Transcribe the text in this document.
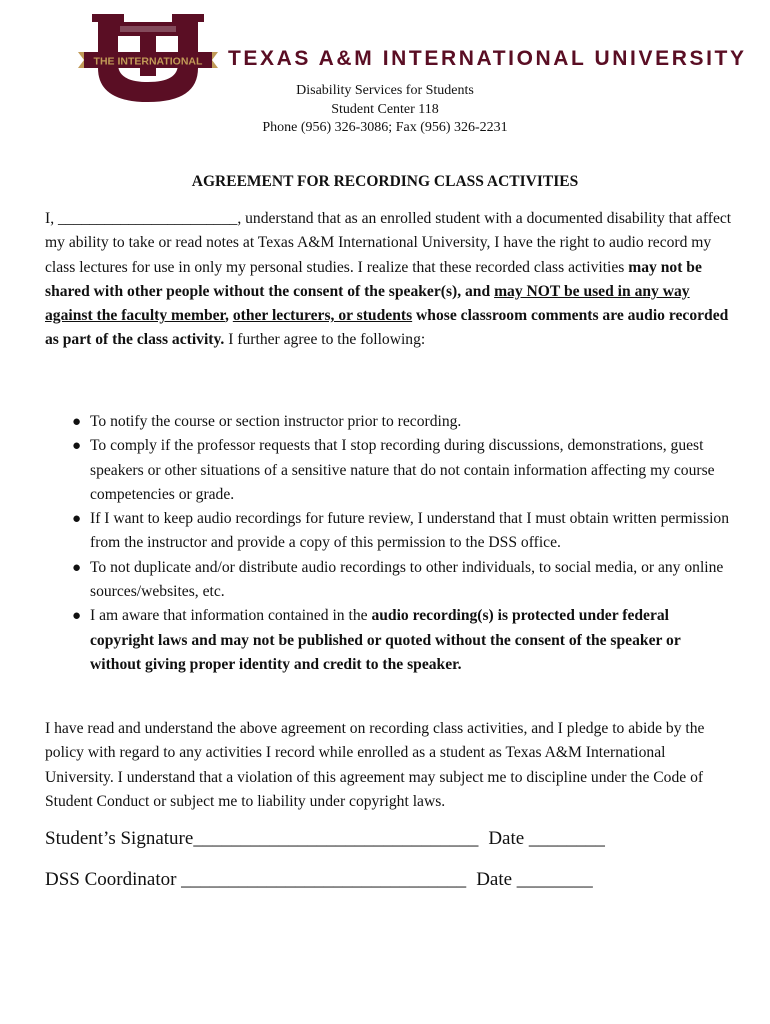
THE INTERNATIONAL TEXAS A&M INTERNATIONAL UNIVERSITY
Disability Services for Students
Student Center 118
Phone (956) 326-3086; Fax (956) 326-2231
AGREEMENT FOR RECORDING CLASS ACTIVITIES

I, _______________________, understand that as an enrolled student with a documented disability that affect my ability to take or read notes at Texas A&M International University, I have the right to audio record my class lectures for use in only my personal studies. I realize that these recorded class activities may not be shared with other people without the consent of the speaker(s), and may NOT be used in any way against the faculty member, other lecturers, or students whose classroom comments are audio recorded as part of the class activity. I further agree to the following:

● To notify the course or section instructor prior to recording.
● To comply if the professor requests that I stop recording during discussions, demonstrations, guest speakers or other situations of a sensitive nature that do not contain information affecting my course competencies or grade.
● If I want to keep audio recordings for future review, I understand that I must obtain written permission from the instructor and provide a copy of this permission to the DSS office.
● To not duplicate and/or distribute audio recordings to other individuals, to social media, or any online sources/websites, etc.
● I am aware that information contained in the audio recording(s) is protected under federal copyright laws and may not be published or quoted without the consent of the speaker or without giving proper identity and credit to the speaker.

I have read and understand the above agreement on recording class activities, and I pledge to abide by the policy with regard to any activities I record while enrolled as a student as Texas A&M International University. I understand that a violation of this agreement may subject me to discipline under the Code of Student Conduct or subject me to liability under copyright laws.

Student’s Signature______________________________ Date ________
DSS Coordinator ______________________________ Date ________
